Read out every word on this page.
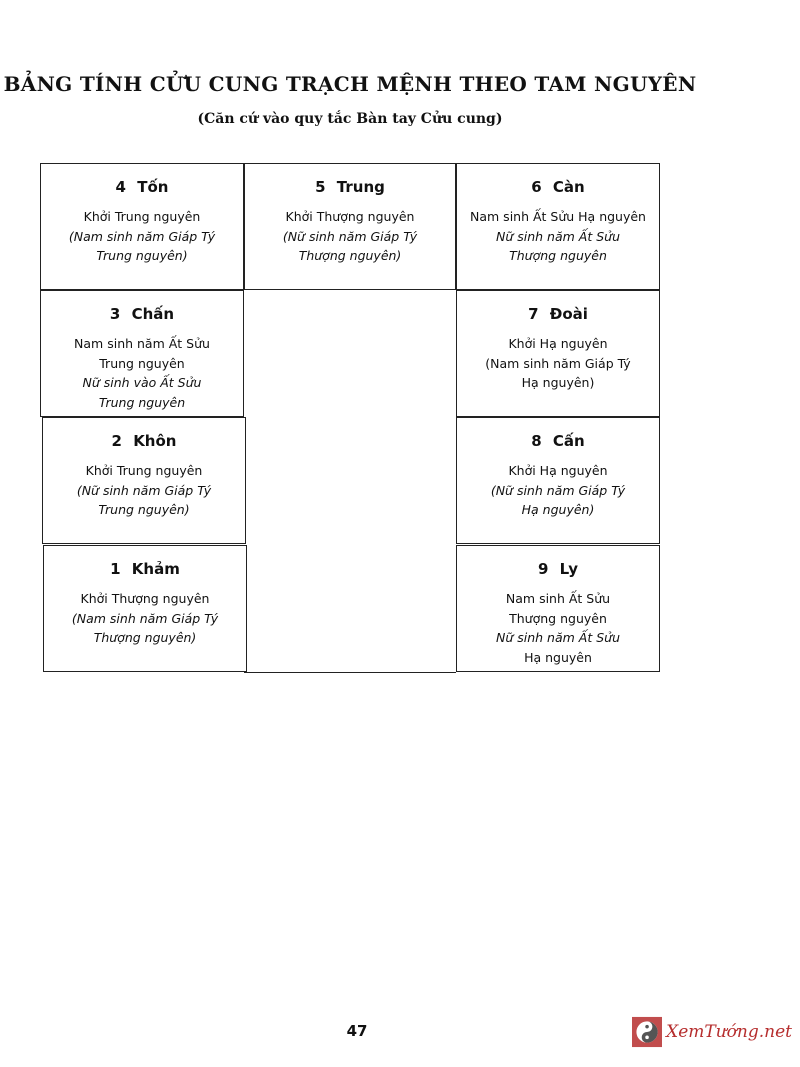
BẢNG TÍNH CỬU CUNG TRẠCH MỆNH THEO TAM NGUYÊN
(Căn cứ vào quy tắc Bàn tay Cửu cung)
4 Tốn
Khởi Trung nguyên
(Nam sinh năm Giáp Tý
Trung nguyên)
5 Trung
Khởi Thượng nguyên
(Nữ sinh năm Giáp Tý
Thượng nguyên)
6 Càn
Nam sinh Ất Sửu Hạ nguyên
Nữ sinh năm Ất Sửu
Thượng nguyên
3 Chấn
Nam sinh năm Ất Sửu
Trung nguyên
Nữ sinh vào Ất Sửu
Trung nguyên
7 Đoài
Khởi Hạ nguyên
(Nam sinh năm Giáp Tý
Hạ nguyên)
2 Khôn
Khởi Trung nguyên
(Nữ sinh năm Giáp Tý
Trung nguyên)
8 Cấn
Khởi Hạ nguyên
(Nữ sinh năm Giáp Tý
Hạ nguyên)
1 Khảm
Khởi Thượng nguyên
(Nam sinh năm Giáp Tý
Thượng nguyên)
9 Ly
Nam sinh Ất Sửu
Thượng nguyên
Nữ sinh năm Ất Sửu
Hạ nguyên
47	XemTướng.net
